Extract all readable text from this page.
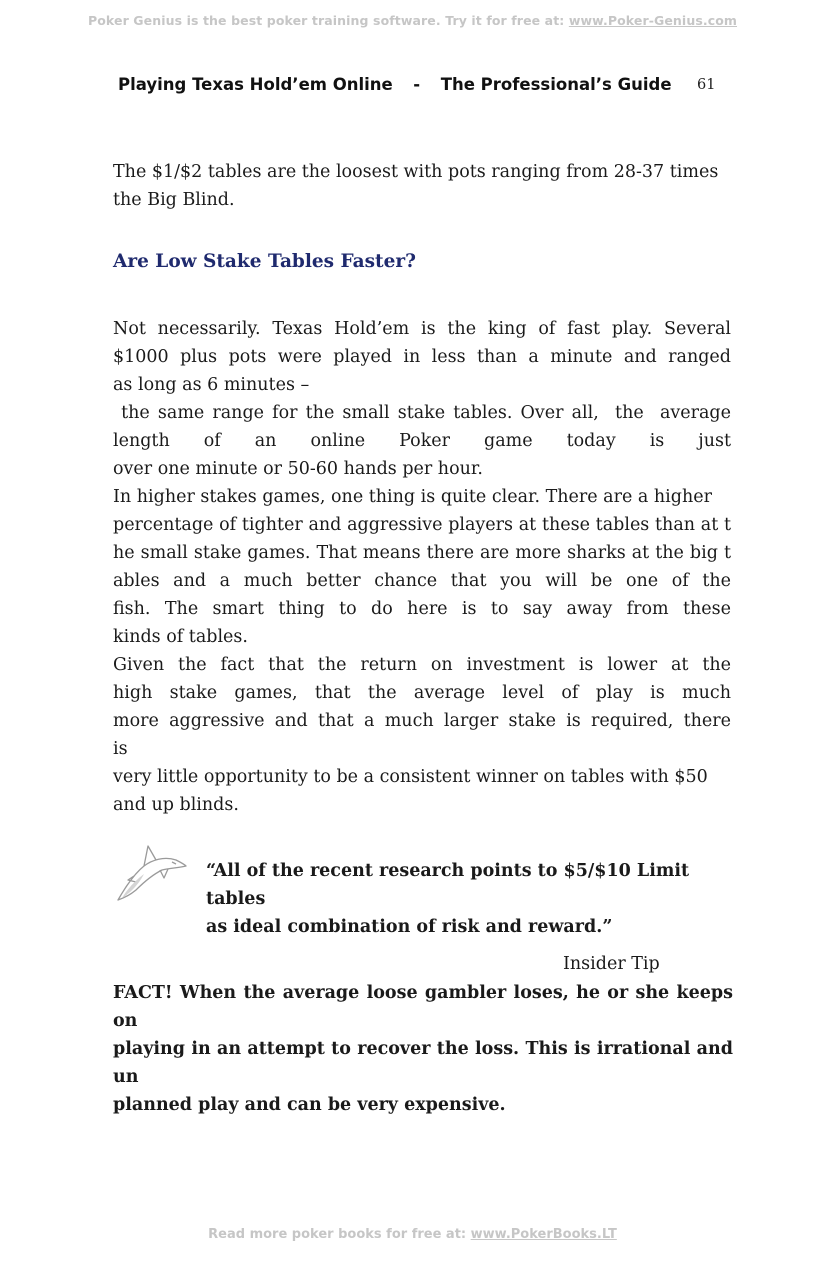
Poker Genius is the best poker training software. Try it for free at: www.Poker-Genius.com
Playing Texas Hold’em Online - The Professional’s Guide 61

The $1/$2 tables are the loosest with pots ranging from 28-37 times

the Big Blind.

Are Low Stake Tables Faster?

Not necessarily. Texas Hold’em is the king of fast play. Several

$1000 plus pots were played in less than a minute and ranged

as long as 6 minutes –

the same range for the small stake tables. Over all,  the  average

length of an online Poker game today is just

over one minute or 50-60 hands per hour.

In higher stakes games, one thing is quite clear. There are a higher

percentage of tighter and aggressive players at these tables than at t

he small stake games. That means there are more sharks at the big t

ables and a much better chance that you will be one of the

fish. The smart thing to do here is to say away from these

kinds of tables.

Given the fact that the return on investment is lower at the

high stake games, that the average level of play is much

more aggressive and that a much larger stake is required, there

is

very little opportunity to be a consistent winner on tables with $50

and up blinds.

“All of the recent research points to $5/$10 Limit tables

as ideal combination of risk and reward.”

Insider Tip

FACT! When the average loose gambler loses, he or she keeps on

playing in an attempt to recover the loss. This is irrational and un

planned play and can be very expensive.

Read more poker books for free at: www.PokerBooks.LT
